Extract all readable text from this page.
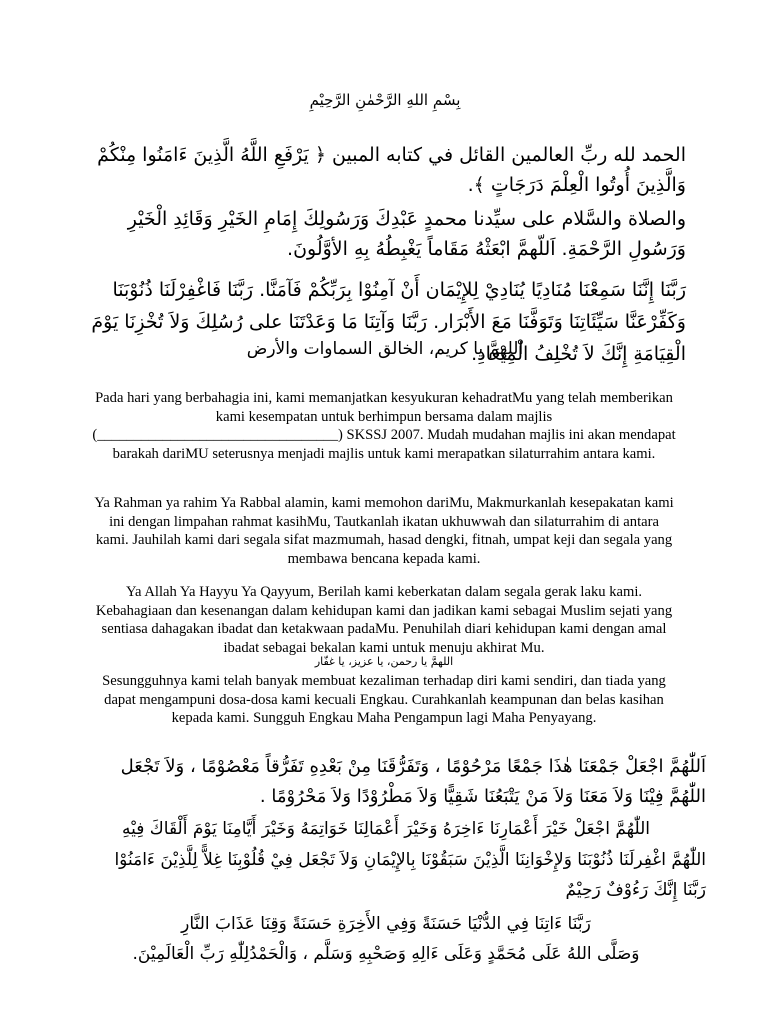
بِسْمِ اللهِ الرَّحْمٰنِ الرَّحِيْمِ
الحمد لله ربِّ العالمين القائل في كتابه المبين ﴿ يَرْفَعِ اللَّهُ الَّذِينَ ءَامَنُوا مِنْكُمْ وَالَّذِينَ أُوتُوا الْعِلْمَ دَرَجَاتٍ ﴾.
والصلاة والسَّلام على سيِّدنا محمدٍ عَبْدِكَ وَرَسُولِكَ إِمَامِ الخَيْرِ وَقَائِدِ الْخَيْرِ وَرَسُولِ الرَّحْمَةِ. اَللّهمَّ ابْعَثْهُ مَقَاماً يَغْبِطُهُ بِهِ الأوَّلُونَ.
رَبَّنَا إِنَّنَا سَمِعْنَا مُنَادِيًا يُنَادِيْ لِلإِيْمَان أَنْ آمِنُوْا بِرَبِّكُمْ فَآمَنَّا. رَبَّنَا فَاغْفِرْلَنَا ذُنُوْبَنَا وَكَفِّرْعَنَّا سَيِّئَاتِنَا وَتَوَفَّنَا مَعَ الأَبْرَار. رَبَّنَا وَآتِنَا مَا وَعَدْتَنَا على رُسُلِكَ وَلاَ تُخْزِنَا يَوْمَ الْقِيَامَةِ إِنَّكَ لاَ تُخْلِفُ الْمِيْعَادِ.
اللهمَّ يا كريم، الخالق السماوات والأرض
Pada hari yang berbahagia ini, kami memanjatkan kesyukuran kehadratMu yang telah memberikan kami kesempatan untuk berhimpun bersama dalam majlis (_________________________________) SKSSJ 2007. Mudah mudahan majlis ini akan mendapat barakah dariMU seterusnya menjadi majlis untuk kami merapatkan silaturrahim antara kami.
Ya Rahman ya rahim Ya Rabbal alamin, kami memohon dariMu, Makmurkanlah kesepakatan kami ini dengan limpahan rahmat kasihMu, Tautkanlah ikatan ukhuwwah dan silaturrahim di antara kami. Jauhilah kami dari segala sifat mazmumah, hasad dengki, fitnah, umpat keji dan segala yang membawa bencana kepada kami.
Ya Allah Ya Hayyu Ya Qayyum, Berilah kami keberkatan dalam segala gerak laku kami. Kebahagiaan dan kesenangan dalam kehidupan kami dan jadikan kami sebagai Muslim sejati yang sentiasa dahagakan ibadat dan ketakwaan padaMu. Penuhilah diari kehidupan kami dengan amal ibadat sebagai bekalan kami untuk menuju akhirat Mu.
اللهمَّ يا رحمن، يا عزيز، يا غفّار
Sesungguhnya kami telah banyak membuat kezaliman terhadap diri kami sendiri, dan tiada yang dapat mengampuni dosa-dosa kami kecuali Engkau. Curahkanlah keampunan dan belas kasihan kepada kami. Sungguh Engkau Maha Pengampun lagi Maha Penyayang.
اَللّٰهُمَّ اجْعَلْ جَمْعَنَا هٰذَا جَمْعًا مَرْحُوْمًا ، وَتَفَرُّقَنَا مِنْ بَعْدِهِ تَفَرُّقاً مَعْصُوْمًا ، وَلاَ تَجْعَل اللّٰهُمَّ فِيْنَا وَلاَ مَعَنَا وَلاَ مَنْ يَتْبَعُنَا شَقِيًّا وَلاَ مَطْرُوْدًا وَلاَ مَحْرُوْمًا .
اللّٰهُمَّ اجْعَلْ خَيْرَ أَعْمَارِنَا ءَاخِرَهُ وَخَيْرَ أَعْمَالِنَا خَوَاتِمَهُ وَخَيْرَ أَيَّامِنَا يَوْمَ أَلْقَاكَ فِيْهِ
اللّٰهُمَّ اغْفِرلَنَا ذُنُوْبَنَا وَلإِخْوَانِنَا الَّذِيْنَ سَبَقُوْنَا بِالإِيْمَانِ وَلاَ تَجْعَل فِيْ قُلُوْبِنَا غِلاًّ لِلَّذِيْنَ ءَامَنُوْا رَبَّنَا إِنَّكَ رَءُوْفٌ رَحِيْمٌ
رَبَّنَا ءَاتِنَا فِي الدُّنْيَا حَسَنَةً وَفِي الأَخِرَةِ حَسَنَةً وَقِنَا عَذَابَ النَّارِ
وَصَلَّى اللهُ عَلَى مُحَمَّدٍ وَعَلَى ءَالِهِ وَصَحْبِهِ وَسَلَّم ، وَالْحَمْدُلِلّٰهِ رَبِّ الْعَالَمِيْنَ.
